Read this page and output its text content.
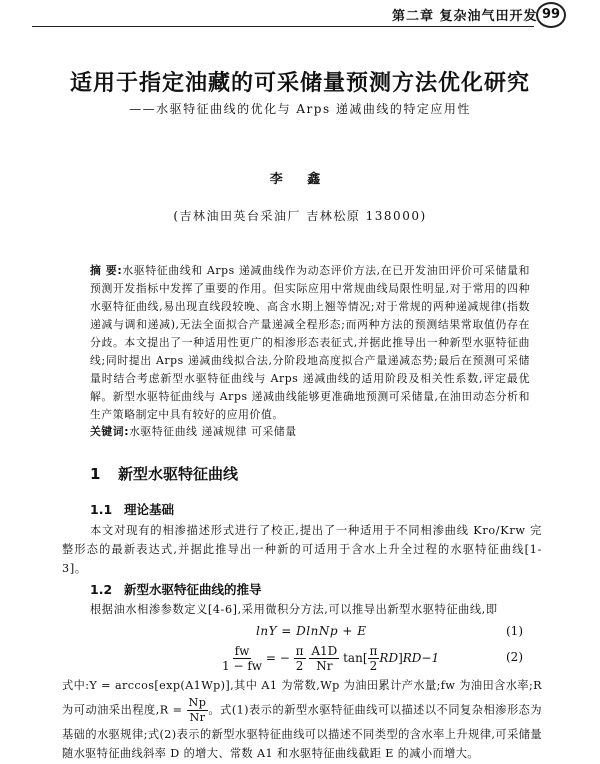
第二章 复杂油气田开发 99
适用于指定油藏的可采储量预测方法优化研究
——水驱特征曲线的优化与 Arps 递减曲线的特定应用性
李 鑫
(吉林油田英台采油厂 吉林松原 138000)
摘 要:水驱特征曲线和 Arps 递减曲线作为动态评价方法,在已开发油田评价可采储量和预测开发指标中发挥了重要的作用。但实际应用中常规曲线局限性明显,对于常用的四种水驱特征曲线,易出现直线段较晚、高含水期上翘等情况;对于常规的两种递减规律(指数递减与调和递减),无法全面拟合产量递减全程形态;而两种方法的预测结果常取值仍存在分歧。本文提出了一种适用性更广的相渗形态表征式,并据此推导出一种新型水驱特征曲线;同时提出 Arps 递减曲线拟合法,分阶段地高度拟合产量递减态势;最后在预测可采储量时结合考虑新型水驱特征曲线与 Arps 递减曲线的适用阶段及相关性系数,评定最优解。新型水驱特征曲线与 Arps 递减曲线能够更准确地预测可采储量,在油田动态分析和生产策略制定中具有较好的应用价值。
关键词:水驱特征曲线 递减规律 可采储量
1 新型水驱特征曲线
1.1 理论基础
本文对现有的相渗描述形式进行了校正,提出了一种适用于不同相渗曲线 Kro/Krw 完整形态的最新表达式,并据此推导出一种新的可适用于含水上升全过程的水驱特征曲线[1-3]。
1.2 新型水驱特征曲线的推导
根据油水相渗参数定义[4-6],采用微积分方法,可以推导出新型水驱特征曲线,即
lnY = DlnNp + E	(1)
$\frac{fw}{1 - fw}$ = − $\frac{\pi}{2}$
$\frac{A1D}{Nr} \tan[ \frac{\pi}{2} RD]RD-1$	(2)
式中:Y = arccos[exp(A1Wp)],其中 A1 为常数,Wp 为油田累计产水量;fw 为油田含水率;R 为可动油采出程度$,R = \frac{Np}{Nr}$ 。式(1)表示的新型水驱特征曲线可以描述以不同复杂相渗形态为基础的水驱规律;式(2)表示的新型水驱特征曲线可以描述不同类型的含水率上升规律,可采储量随水驱特征曲线斜率 D 的增大、常数 A1 和水驱特征曲线截距 E 的减小而增大。
